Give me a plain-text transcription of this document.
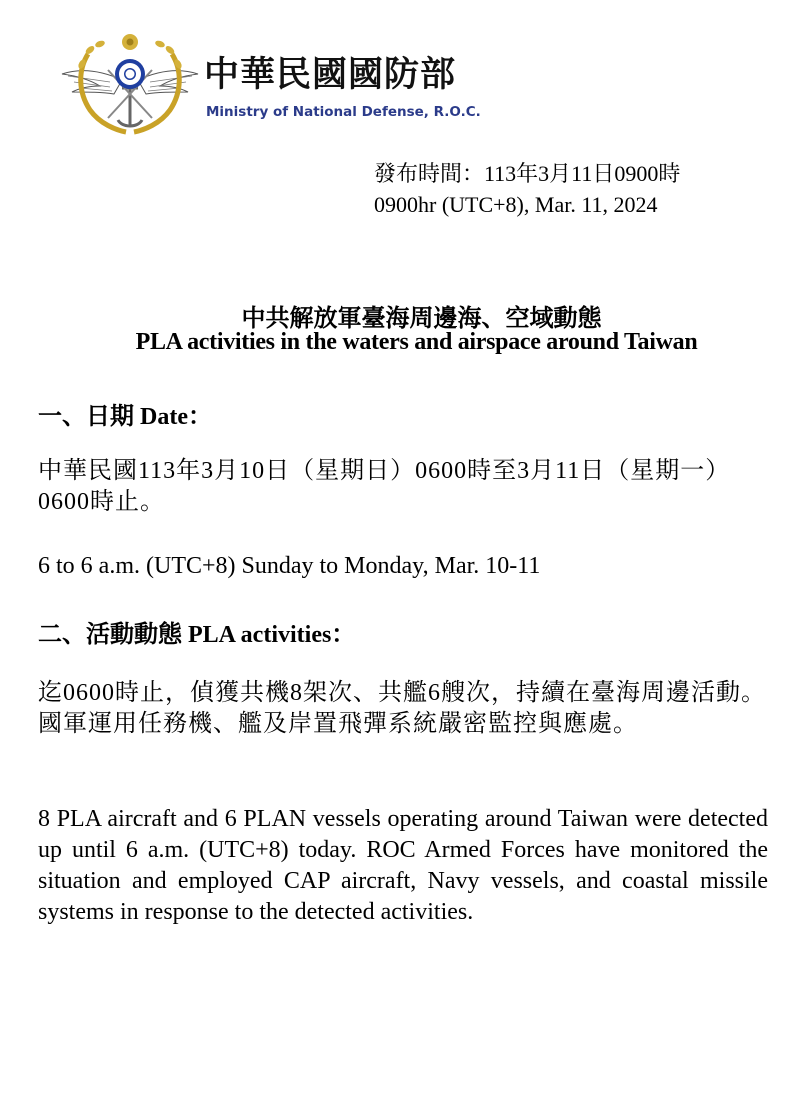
中華民國國防部
Ministry of National Defense, R.O.C.
發布時間：113年3月11日0900時
0900hr (UTC+8), Mar. 11, 2024
中共解放軍臺海周邊海、空域動態
PLA activities in the waters and airspace around Taiwan
一、日期 Date：
中華民國113年3月10日（星期日）0600時至3月11日（星期一）0600時止。
6 to 6 a.m. (UTC+8) Sunday to Monday, Mar. 10-11
二、活動動態 PLA activities：
迄0600時止，偵獲共機8架次、共艦6艘次，持續在臺海周邊活動。國軍運用任務機、艦及岸置飛彈系統嚴密監控與應處。
8 PLA aircraft and 6 PLAN vessels operating around Taiwan were detected up until 6 a.m. (UTC+8) today. ROC Armed Forces have monitored the situation and employed CAP aircraft, Navy vessels, and coastal missile systems in response to the detected activities.
